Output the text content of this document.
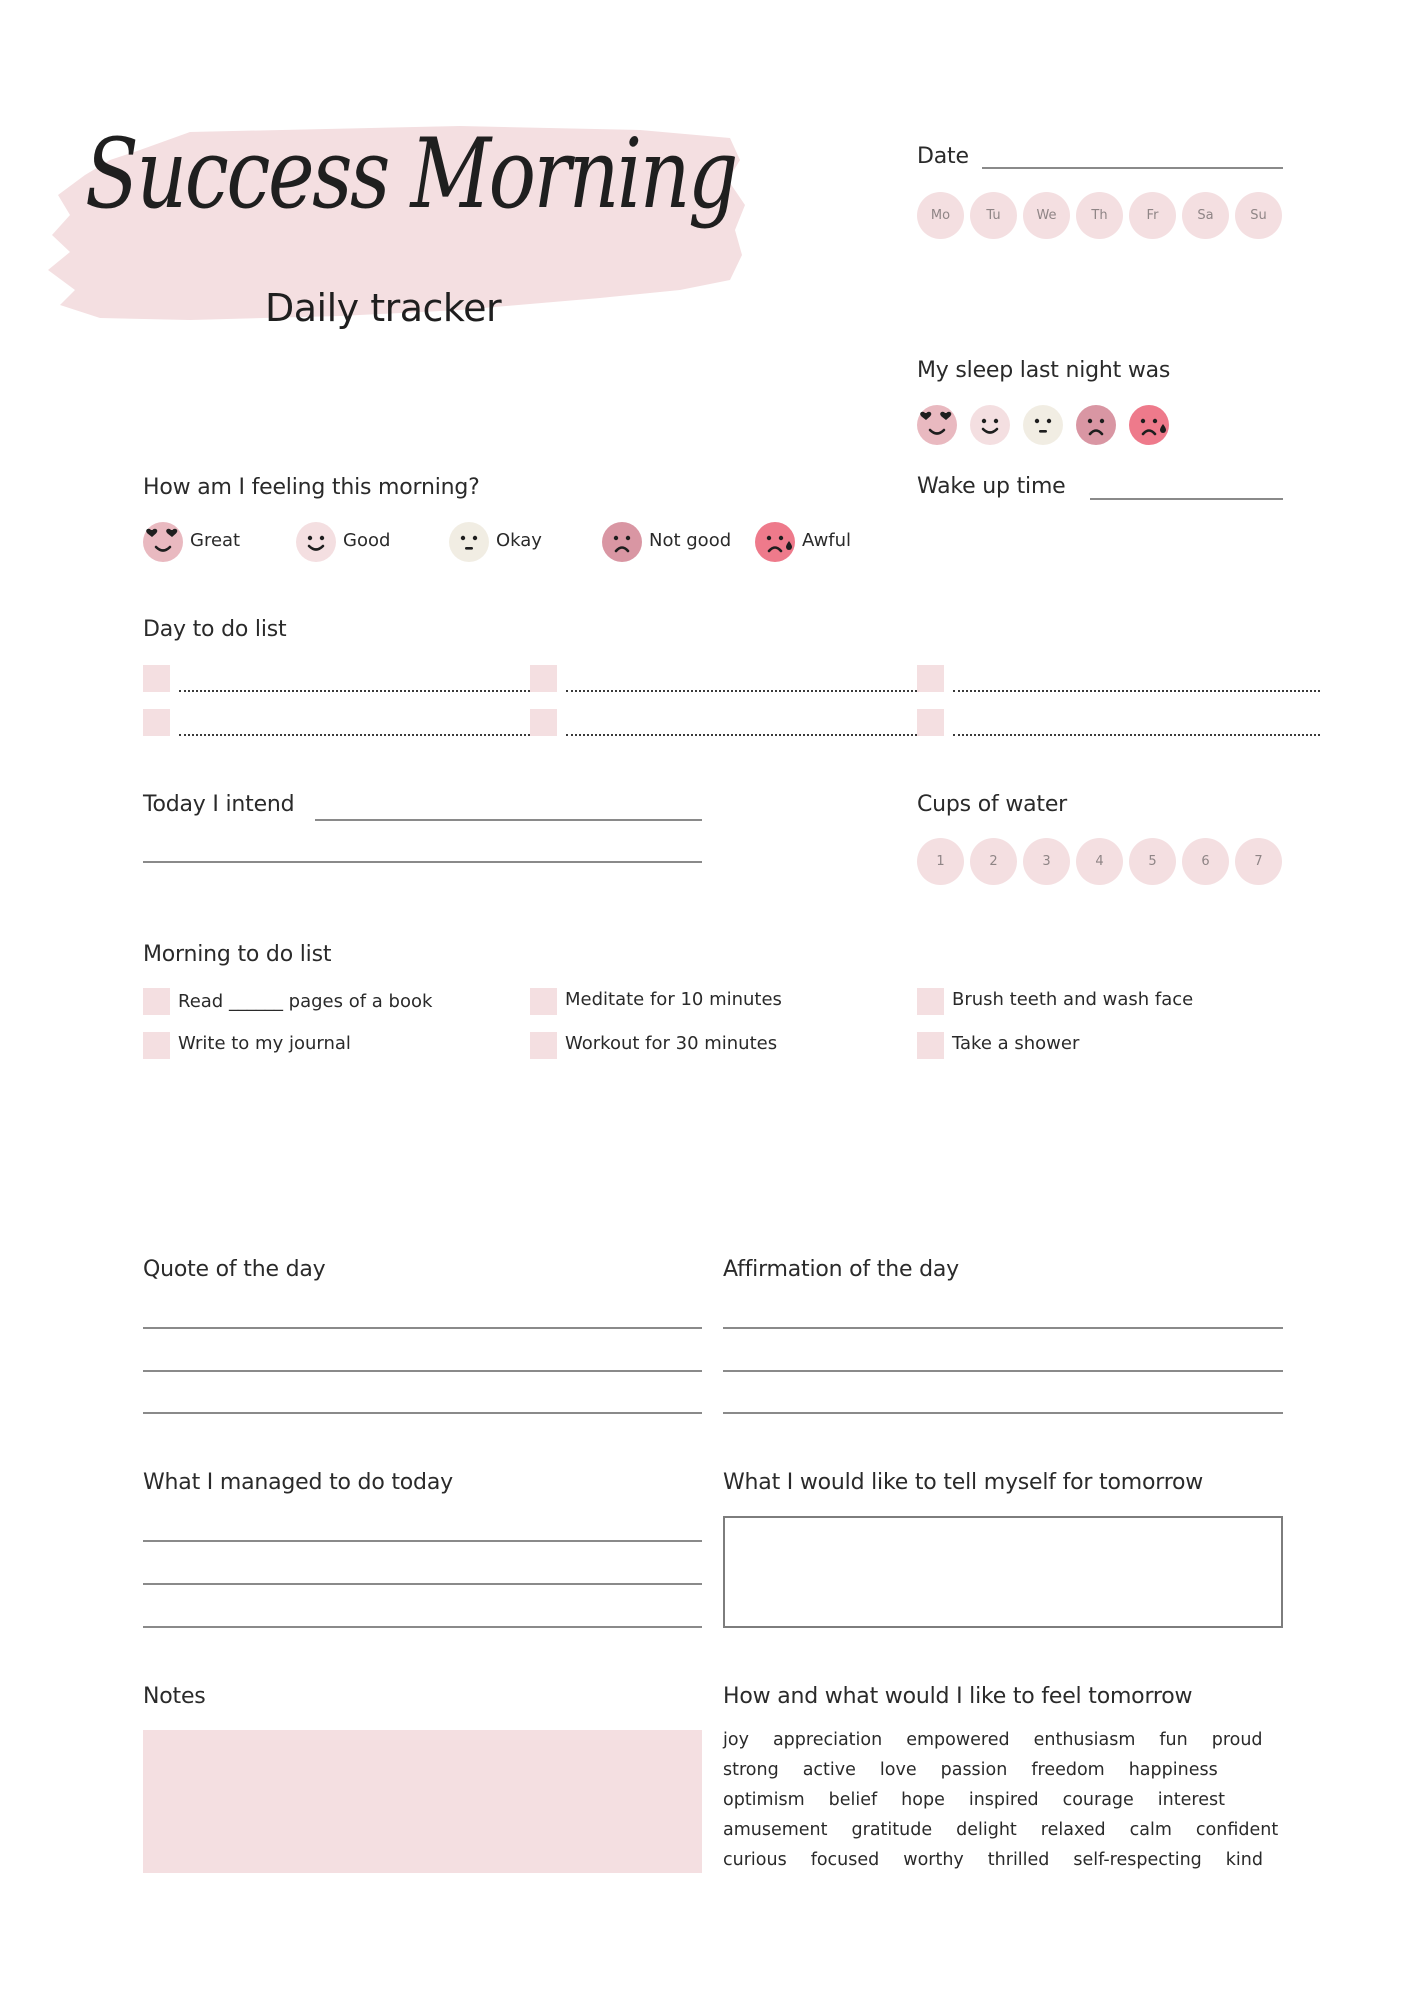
Success Morning
Daily tracker
Date
Mo	Tu	We	Th	Fr	Sa	Su
My sleep last night was
Wake up time
How am I feeling this morning?
Great	Good	Okay	Not good	Awful
Day to do list
Today I intend	Cups of water
1	2	3	4	5	6	7
Morning to do list
Read ______ pages of a book
Write to my journal
Meditate for 10 minutes
Workout for 30 minutes
Brush teeth and wash face
Take a shower
Quote of the day	Affirmation of the day
What I managed to do today	What I would like to tell myself for tomorrow
Notes	How and what would I like to feel tomorrow
joy appreciation empowered enthusiasm fun proud
strong active love passion freedom happiness
optimism belief hope inspired courage interest
amusement gratitude delight relaxed calm confident
curious focused worthy thrilled self-respecting kind
